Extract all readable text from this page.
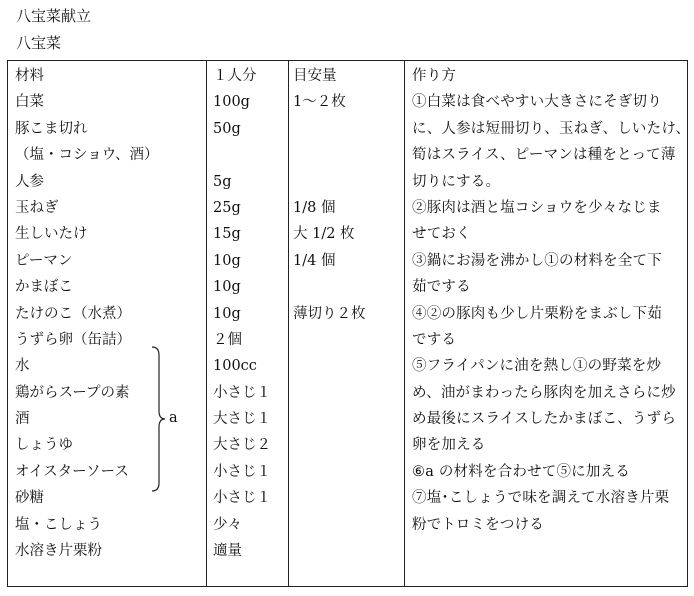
八宝菜献立
八宝菜
材料
白菜
豚こま切れ
（塩・コショウ、酒）
人参
玉ねぎ
生しいたけ
ピーマン
かまぼこ
たけのこ（水煮）
うずら卵（缶詰）
水
鶏がらスープの素
酒
しょうゆ
オイスターソース
砂糖
塩・こしょう
水溶き片栗粉
a
１人分
100g
50g
5g
25g
15g
10g
10g
10g
２個
100cc
小さじ１
大さじ１
大さじ２
小さじ１
小さじ１
少々
適量
目安量
1～２枚
1/8 個
大 1/2 枚
1/4 個
薄切り２枚
作り方
①白菜は食べやすい大きさにそぎ切り
に、人参は短冊切り、玉ねぎ、しいたけ、
筍はスライス、ピーマンは種をとって薄
切りにする。
②豚肉は酒と塩コショウを少々なじま
せておく
③鍋にお湯を沸かし①の材料を全て下
茹でする
④②の豚肉も少し片栗粉をまぶし下茹
でする
⑤フライパンに油を熱し①の野菜を炒
め、油がまわったら豚肉を加えさらに炒
め最後にスライスしたかまぼこ、うずら
卵を加える
⑥a の材料を合わせて⑤に加える
⑦塩･こしょうで味を調えて水溶き片栗
粉でトロミをつける
